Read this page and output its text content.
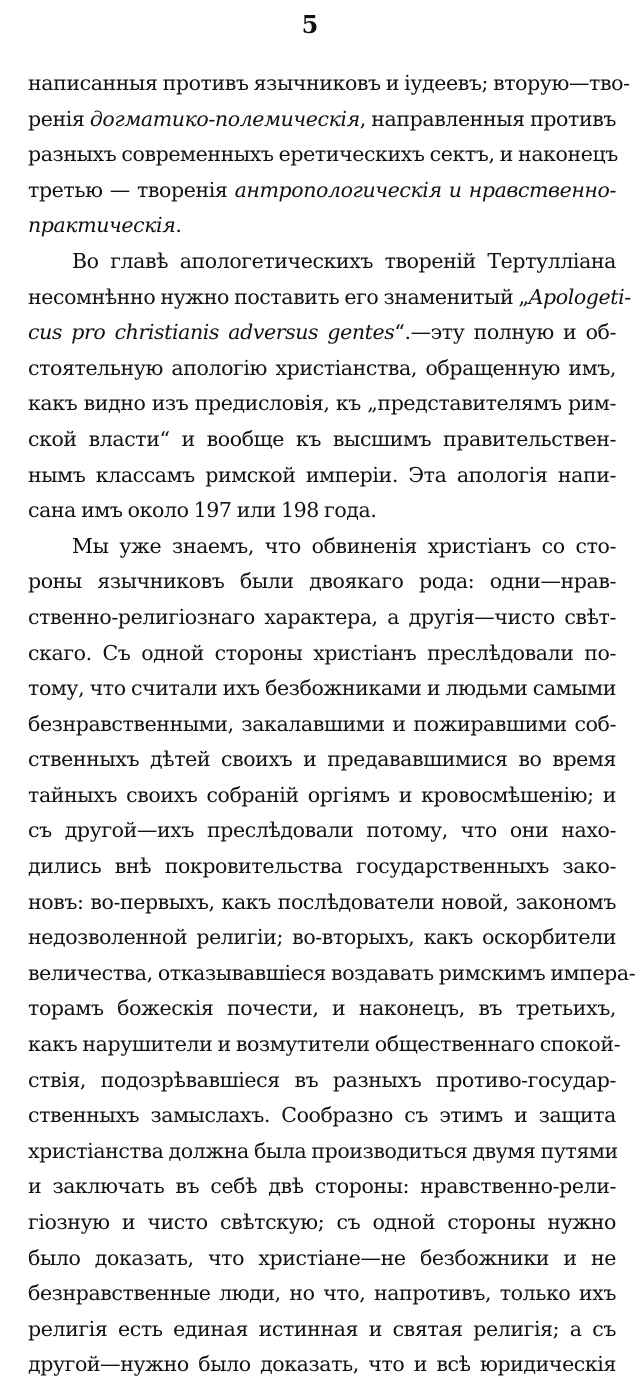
5
написанныя противъ язычниковъ и іудеевъ; вторую—тво-
ренія догматико-полемическія, направленныя противъ
разныхъ современныхъ еретическихъ сектъ, и наконецъ
третью — творенія антропологическія и нравственно-
практическія.
Во главѣ апологетическихъ твореній Тертулліана
несомнѣнно нужно поставить его знаменитый „Apologeti-
cus pro christianis adversus gentes“.—эту полную и об-
стоятельную апологію христіанства, обращенную имъ,
какъ видно изъ предисловія, къ „представителямъ рим-
ской власти“ и вообще къ высшимъ правительствен-
нымъ классамъ римской имперіи. Эта апологія напи-
сана имъ около 197 или 198 года.
Мы уже знаемъ, что обвиненія христіанъ со сто-
роны язычниковъ были двоякаго рода: одни—нрав-
ственно-религіознаго характера, а другія—чисто свѣт-
скаго. Съ одной стороны христіанъ преслѣдовали по-
тому, что считали ихъ безбожниками и людьми самыми
безнравственными, закалавшими и пожиравшими соб-
ственныхъ дѣтей своихъ и предававшимися во время
тайныхъ своихъ собраній оргіямъ и кровосмѣшенію; и
съ другой—ихъ преслѣдовали потому, что они нахо-
дились внѣ покровительства государственныхъ зако-
новъ: во-первыхъ, какъ послѣдователи новой, закономъ
недозволенной религіи; во-вторыхъ, какъ оскорбители
величества, отказывавшіеся воздавать римскимъ импера-
торамъ божескія почести, и наконецъ, въ третьихъ,
какъ нарушители и возмутители общественнаго спокой-
ствія, подозрѣвавшіеся въ разныхъ противо-государ-
ственныхъ замыслахъ. Сообразно съ этимъ и защита
христіанства должна была производиться двумя путями
и заключать въ себѣ двѣ стороны: нравственно-рели-
гіозную и чисто свѣтскую; съ одной стороны нужно
было доказать, что христіане—не безбожники и не
безнравственные люди, но что, напротивъ, только ихъ
религія есть единая истинная и святая религія; а съ
другой—нужно было доказать, что и всѣ юридическія
